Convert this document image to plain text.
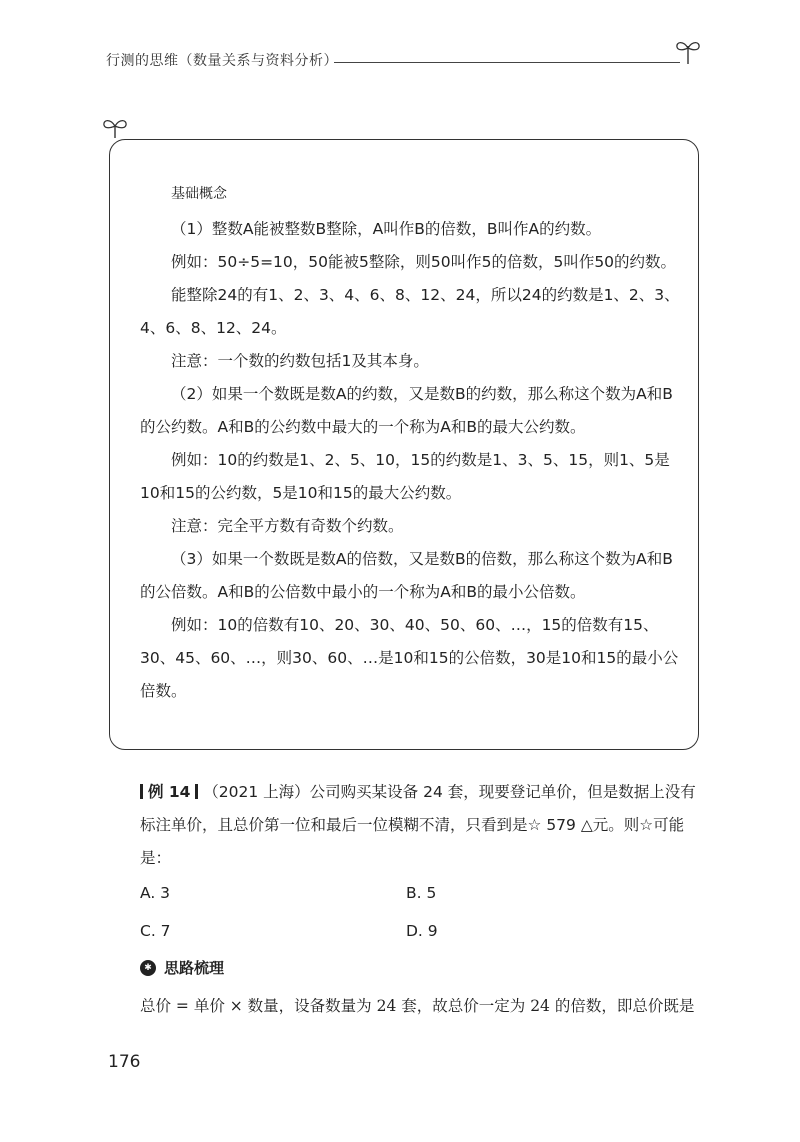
行测的思维（数量关系与资料分析）

基础概念

（1）整数A能被整数B整除，A叫作B的倍数，B叫作A的约数。

例如：50÷5=10，50能被5整除，则50叫作5的倍数，5叫作50的约数。

能整除24的有1、2、3、4、6、8、12、24，所以24的约数是1、2、3、4、6、8、12、24。

注意：一个数的约数包括1及其本身。

（2）如果一个数既是数A的约数，又是数B的约数，那么称这个数为A和B的公约数。A和B的公约数中最大的一个称为A和B的最大公约数。

例如：10的约数是1、2、5、10，15的约数是1、3、5、15，则1、5是10和15的公约数，5是10和15的最大公约数。

注意：完全平方数有奇数个约数。

（3）如果一个数既是数A的倍数，又是数B的倍数，那么称这个数为A和B的公倍数。A和B的公倍数中最小的一个称为A和B的最小公倍数。

例如：10的倍数有10、20、30、40、50、60、…，15的倍数有15、30、45、60、…，则30、60、…是10和15的公倍数，30是10和15的最小公倍数。

例 14 （2021 上海）公司购买某设备 24 套，现要登记单价，但是数据上没有标注单价，且总价第一位和最后一位模糊不清，只看到是☆ 579 △元。则☆可能是：

A. 3	B. 5
C. 7	D. 9
✱ 思路梳理
总价 = 单价 × 数量，设备数量为 24 套，故总价一定为 24 的倍数，即总价既是
176
